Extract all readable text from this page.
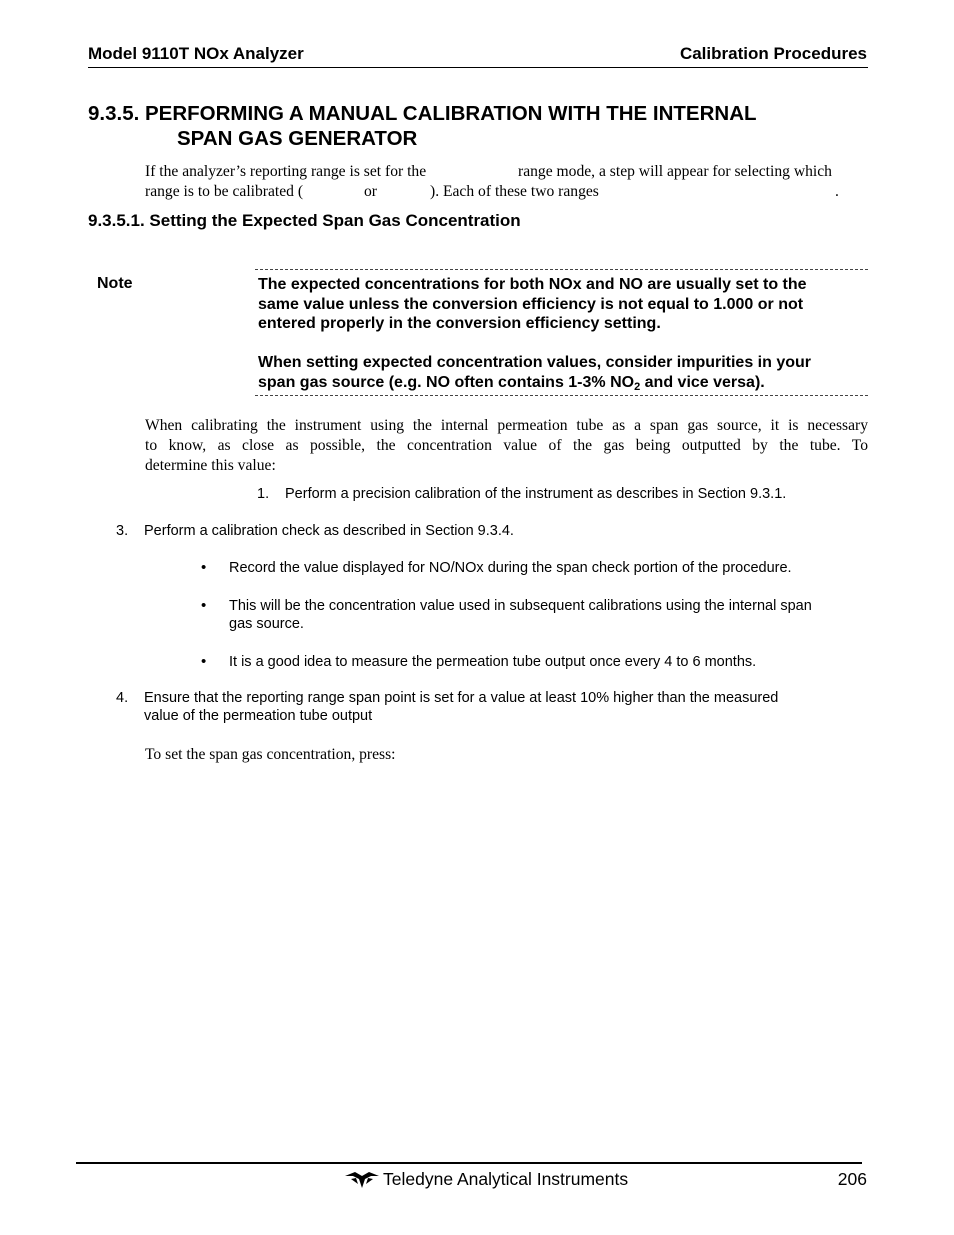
Model 9110T NOx Analyzer	Calibration Procedures
9.3.5. PERFORMING A MANUAL CALIBRATION WITH THE INTERNAL
SPAN GAS GENERATOR
If the analyzer’s reporting range is set for the	range mode, a step will appear for selecting which
range is to be calibrated (	or	). Each of these two ranges	.
9.3.5.1. Setting the Expected Span Gas Concentration
Note	The expected concentrations for both NOx and NO are usually set to the
same value unless the conversion efficiency is not equal to 1.000 or not
entered properly in the conversion efficiency setting.
When setting expected concentration values, consider impurities in your
span gas source (e.g. NO often contains 1-3% $NO_2$ and vice versa).
When calibrating the instrument using the internal permeation tube as a span gas source, it is necessary
to know, as close as possible, the concentration value of the gas being outputted by the tube. To
determine this value:
1. Perform a precision calibration of the instrument as describes in Section 9.3.1.
3. Perform a calibration check as described in Section 9.3.4.
•	Record the value displayed for NO/NOx during the span check portion of the procedure.
•	This will be the concentration value used in subsequent calibrations using the internal span
gas source.
•	It is a good idea to measure the permeation tube output once every 4 to 6 months.
4.	Ensure that the reporting range span point is set for a value at least 10% higher than the measured
value of the permeation tube output
To set the span gas concentration, press:
Teledyne Analytical Instruments	206
